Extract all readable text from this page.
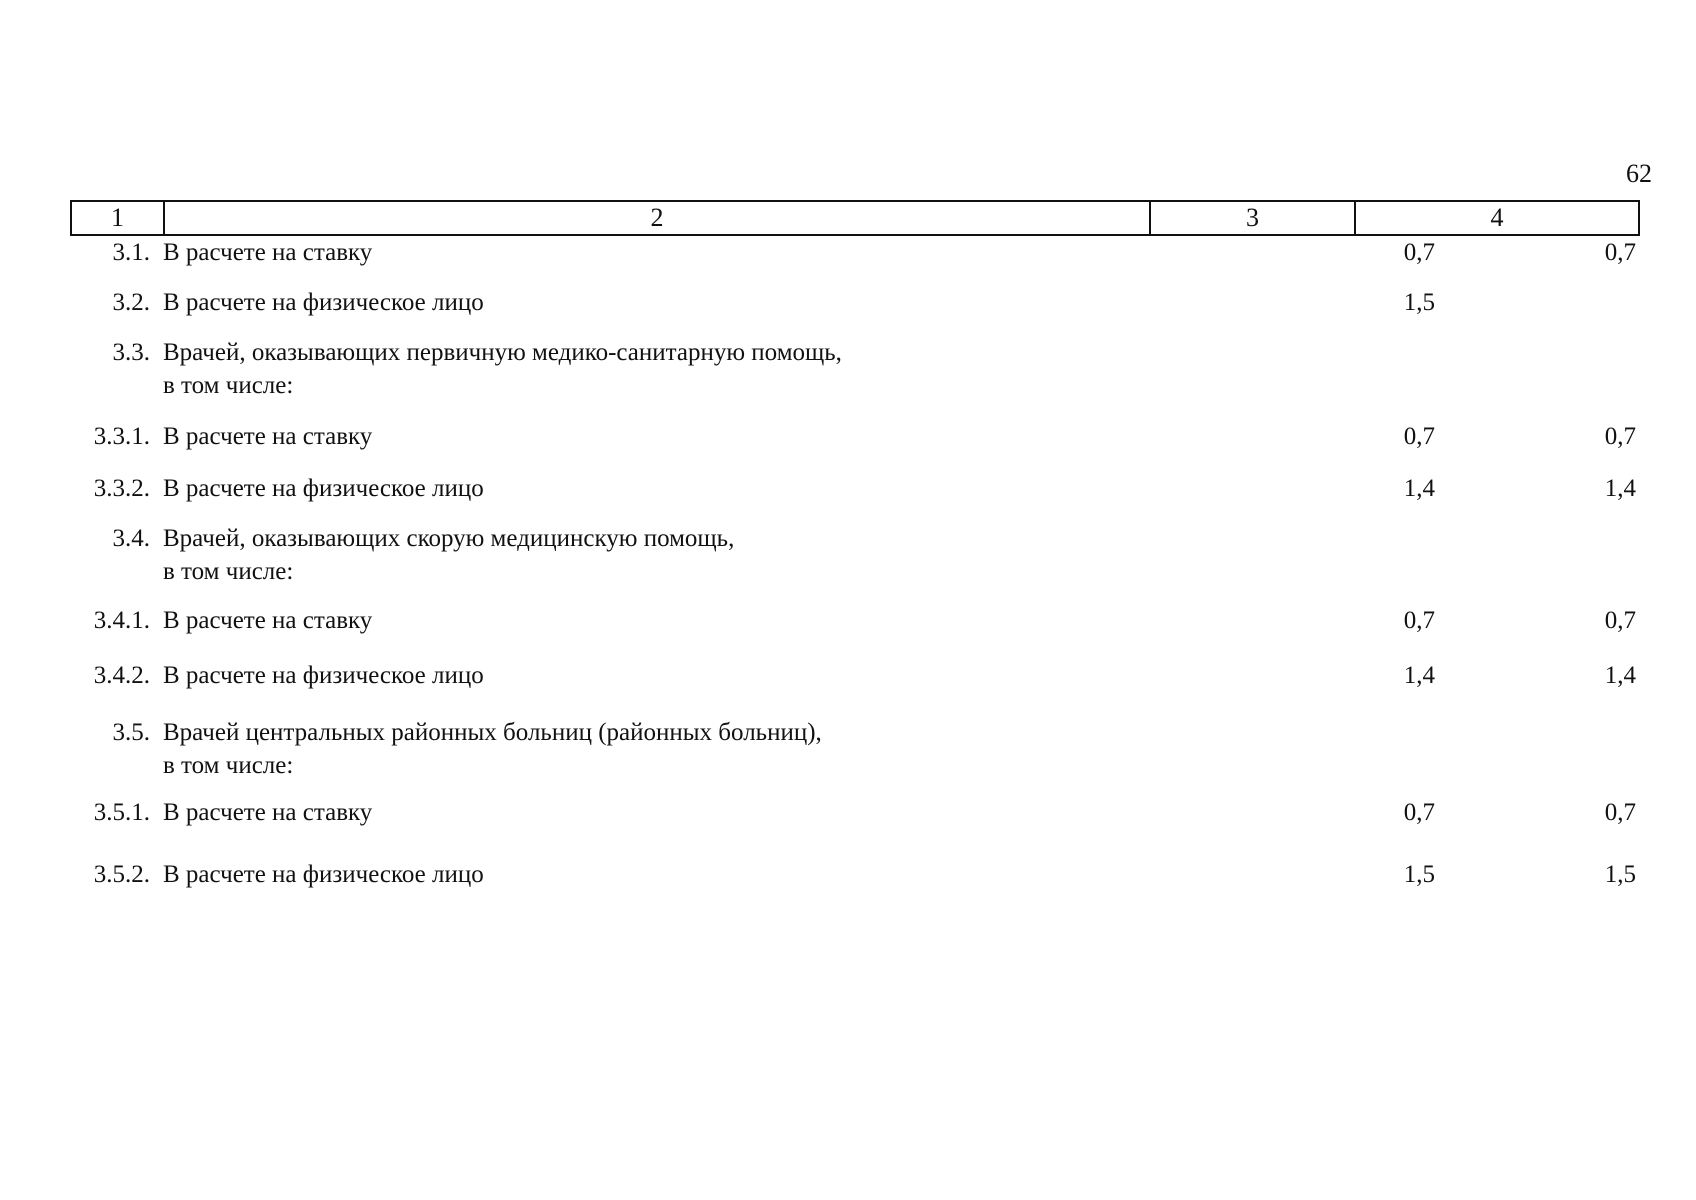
62
1	2	3	4
3.1. В расчете на ставку	0,7	0,7
3.2. В расчете на физическое лицо	1,5
3.3. Врачей, оказывающих первичную медико-санитарную помощь,
в том числе:
3.3.1. В расчете на ставку	0,7	0,7
3.3.2. В расчете на физическое лицо	1,4	1,4
3.4. Врачей, оказывающих скорую медицинскую помощь,
в том числе:
3.4.1. В расчете на ставку	0,7	0,7
3.4.2. В расчете на физическое лицо	1,4	1,4
3.5. Врачей центральных районных больниц (районных больниц),
в том числе:
3.5.1. В расчете на ставку	0,7	0,7
3.5.2. В расчете на физическое лицо	1,5	1,5
